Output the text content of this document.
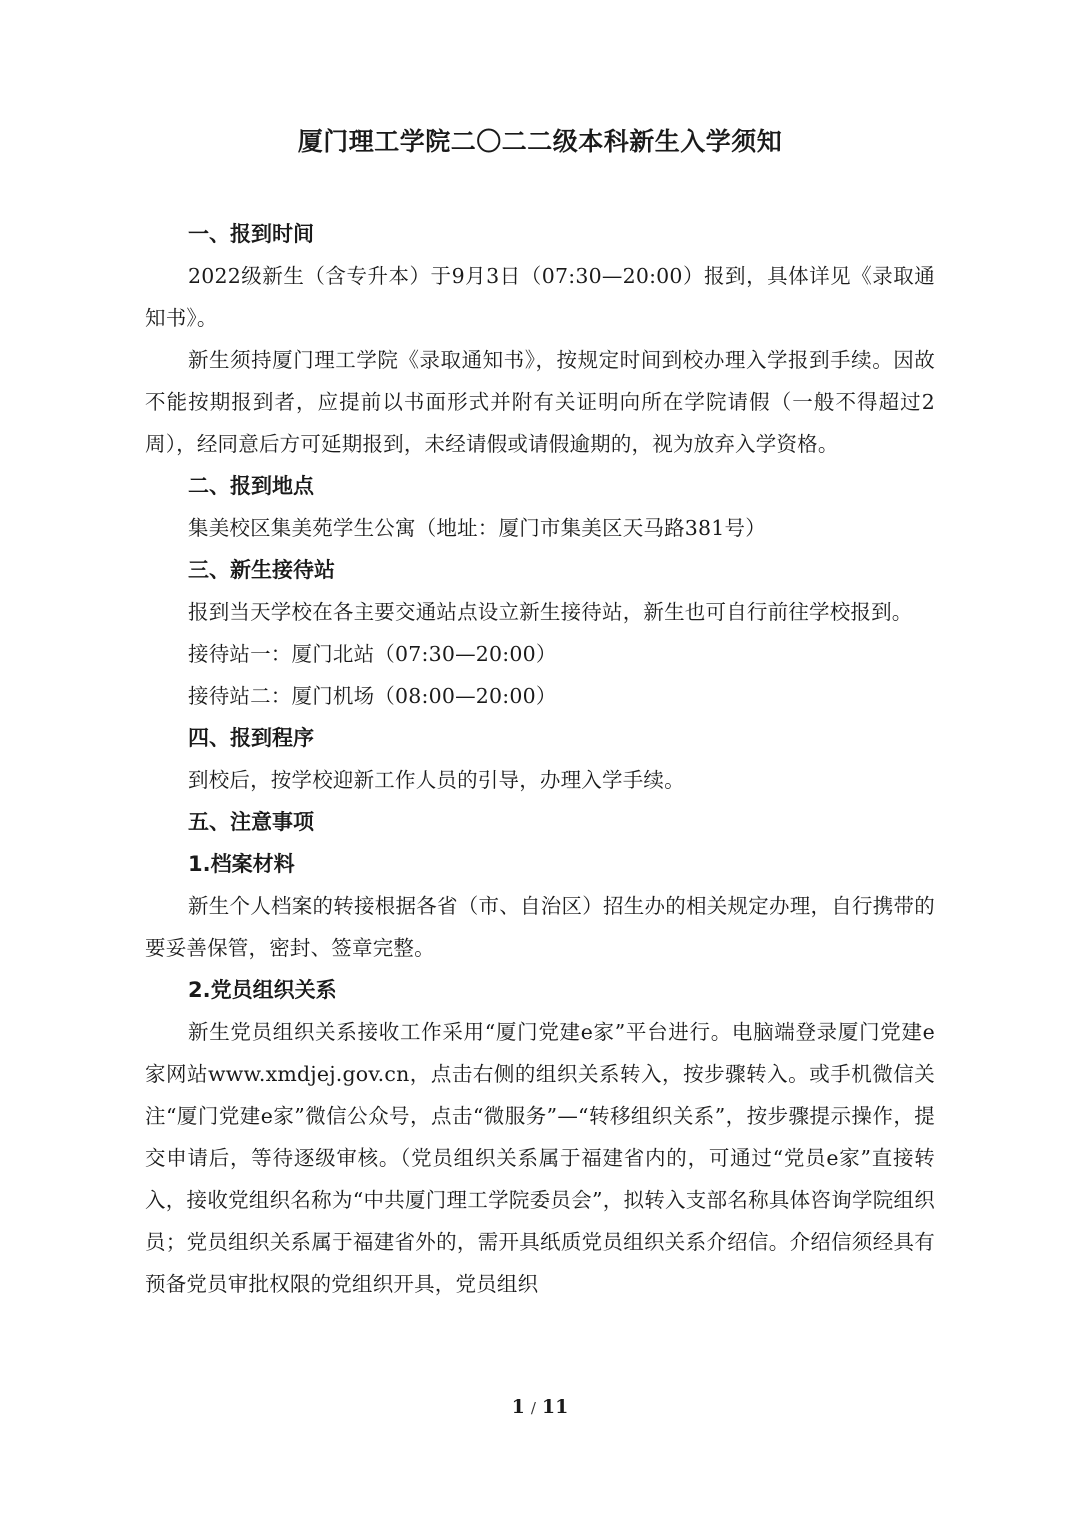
厦门理工学院二〇二二级本科新生入学须知
一、报到时间

2022级新生（含专升本）于9月3日（07:30—20:00）报到，具体详见《录取通知书》。

新生须持厦门理工学院《录取通知书》，按规定时间到校办理入学报到手续。因故不能按期报到者，应提前以书面形式并附有关证明向所在学院请假（一般不得超过2周），经同意后方可延期报到，未经请假或请假逾期的，视为放弃入学资格。

二、报到地点

集美校区集美苑学生公寓（地址：厦门市集美区天马路381号）

三、新生接待站

报到当天学校在各主要交通站点设立新生接待站，新生也可自行前往学校报到。

接待站一：厦门北站（07:30—20:00）

接待站二：厦门机场（08:00—20:00）

四、报到程序

到校后，按学校迎新工作人员的引导，办理入学手续。

五、注意事项
1.档案材料

新生个人档案的转接根据各省（市、自治区）招生办的相关规定办理，自行携带的要妥善保管，密封、签章完整。

2.党员组织关系

新生党员组织关系接收工作采用“厦门党建e家”平台进行。电脑端登录厦门党建e家网站www.xmdjej.gov.cn，点击右侧的组织关系转入，按步骤转入。或手机微信关注“厦门党建e家”微信公众号，点击“微服务”—“转移组织关系”，按步骤提示操作，提交申请后，等待逐级审核。（党员组织关系属于福建省内的，可通过“党员e家”直接转入，接收党组织名称为“中共厦门理工学院委员会”，拟转入支部名称具体咨询学院组织员；党员组织关系属于福建省外的，需开具纸质党员组织关系介绍信。介绍信须经具有预备党员审批权限的党组织开具，党员组织

1 / 11
